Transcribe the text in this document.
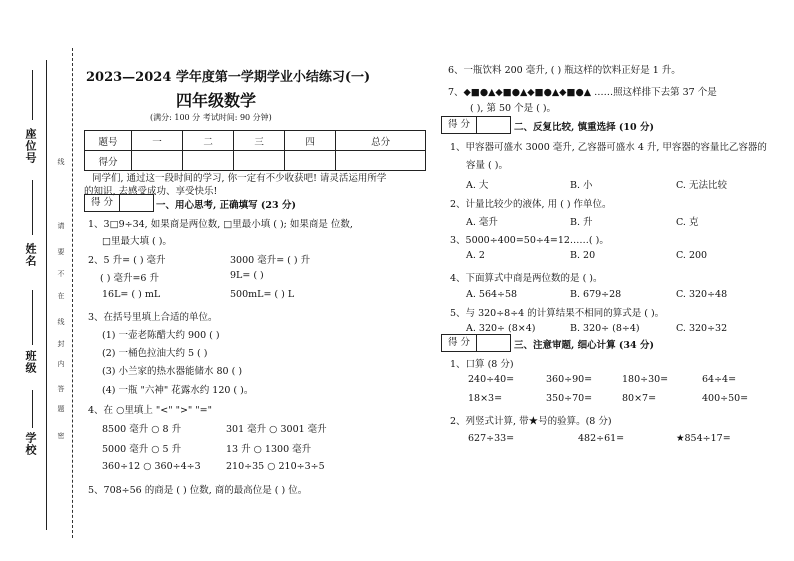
座位号
姓名
班级
学校
线
请
不
要
在
封
线
内
答
题
密
2023—2024 学年度第一学期学业小结练习(一)
四年级数学
(满分: 100 分 考试时间: 90 分钟)
题号	一	二	三	四	总分
得分					
同学们, 通过这一段时间的学习, 你一定有不少收获吧! 请灵活运用所学
的知识, 去感受成功、享受快乐!
得 分	一、用心思考, 正确填写 (23 分)
1、3□9÷34, 如果商是两位数, □里最小填 ( ); 如果商是 位数,
□里最大填 ( )。
2、5 升= ( ) 毫升	3000 毫升= ( ) 升
( ) 毫升=6 升	9L= ( )
16L= ( ) mL	500mL= ( ) L
3、在括号里填上合适的单位。
(1) 一壶老陈醋大约 900 ( )
(2) 一桶色拉油大约 5 ( )
(3) 小兰家的热水器能储水 80 ( )
(4) 一瓶 "六神" 花露水约 120 ( )。
4、在 ○里填上 "<" ">" "="
8500 毫升 ○ 8 升	301 毫升 ○ 3001 毫升
5000 毫升 ○ 5 升	13 升 ○ 1300 毫升
360÷12 ○ 360÷4÷3	210÷35 ○ 210÷3÷5
5、708÷56 的商是 ( ) 位数, 商的最高位是 ( ) 位。
6、一瓶饮料 200 毫升, ( ) 瓶这样的饮料正好是 1 升。
7、◆■●▲◆■●▲◆■●▲◆■●▲ ……照这样排下去第 37 个是
( ), 第 50 个是 ( )。
得 分	二、反复比较, 慎重选择 (10 分)
1、甲容器可盛水 3000 毫升, 乙容器可盛水 4 升, 甲容器的容量比乙容器的
容量 ( )。
A. 大	B. 小	C. 无法比较
2、计量比较少的液体, 用 ( ) 作单位。
A. 毫升	B. 升	C. 克
3、5000÷400=50÷4=12……( )。
A. 2	B. 20	C. 200
4、下面算式中商是两位数的是 ( )。
A. 564÷58	B. 679÷28	C. 320÷48
5、与 320÷8÷4 的计算结果不相同的算式是 ( )。
A. 320÷ (8×4)	B. 320÷ (8÷4)	C. 320÷32
得 分	三、注意审题, 细心计算 (34 分)
1、口算 (8 分)
240÷40=	360÷90=	180÷30=	64÷4=
18×3=	350÷70=	80×7=	400÷50=
2、列竖式计算, 带★号的验算。(8 分)
627÷33=	482÷61=	★854÷17=
